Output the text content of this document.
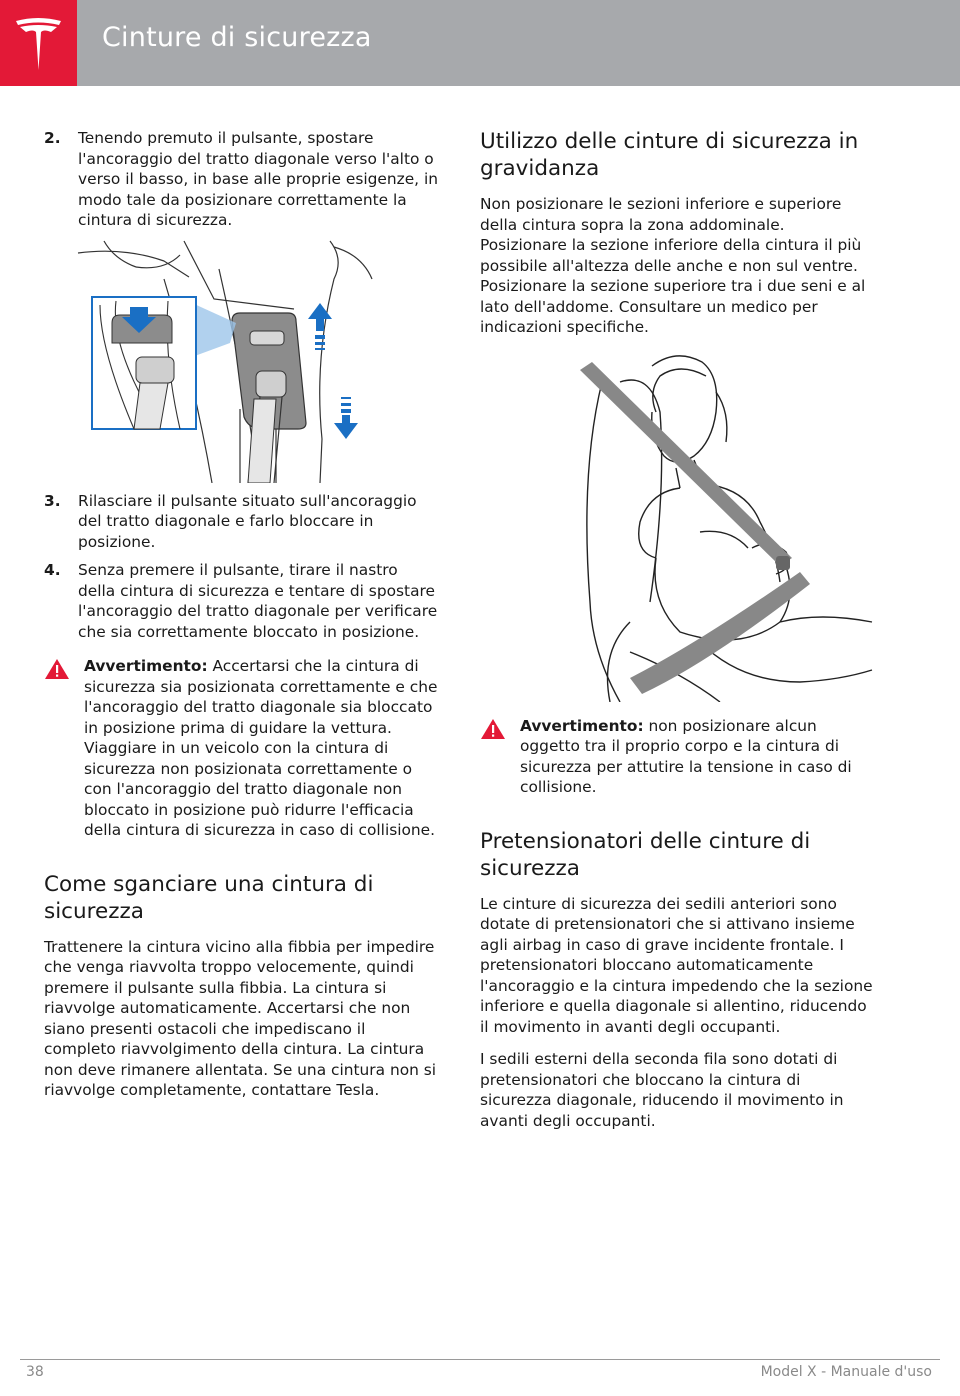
Cinture di sicurezza
2.	Tenendo premuto il pulsante, spostare l'ancoraggio del tratto diagonale verso l'alto o verso il basso, in base alle proprie esigenze, in modo tale da posizionare correttamente la cintura di sicurezza.
3.	Rilasciare il pulsante situato sull'ancoraggio del tratto diagonale e farlo bloccare in posizione.
4.	Senza premere il pulsante, tirare il nastro della cintura di sicurezza e tentare di spostare l'ancoraggio del tratto diagonale per verificare che sia correttamente bloccato in posizione.
Avvertimento: Accertarsi che la cintura di sicurezza sia posizionata correttamente e che l'ancoraggio del tratto diagonale sia bloccato in posizione prima di guidare la vettura. Viaggiare in un veicolo con la cintura di sicurezza non posizionata correttamente o con l'ancoraggio del tratto diagonale non bloccato in posizione può ridurre l'efficacia della cintura di sicurezza in caso di collisione.
Come sganciare una cintura di sicurezza

Trattenere la cintura vicino alla fibbia per impedire che venga riavvolta troppo velocemente, quindi premere il pulsante sulla fibbia. La cintura si riavvolge automaticamente. Accertarsi che non siano presenti ostacoli che impediscano il completo riavvolgimento della cintura. La cintura non deve rimanere allentata. Se una cintura non si riavvolge completamente, contattare Tesla.

Utilizzo delle cinture di sicurezza in gravidanza

Non posizionare le sezioni inferiore e superiore della cintura sopra la zona addominale. Posizionare la sezione inferiore della cintura il più possibile all'altezza delle anche e non sul ventre. Posizionare la sezione superiore tra i due seni e al lato dell'addome. Consultare un medico per indicazioni specifiche.

Avvertimento: non posizionare alcun oggetto tra il proprio corpo e la cintura di sicurezza per attutire la tensione in caso di collisione.
Pretensionatori delle cinture di sicurezza

Le cinture di sicurezza dei sedili anteriori sono dotate di pretensionatori che si attivano insieme agli airbag in caso di grave incidente frontale. I pretensionatori bloccano automaticamente l'ancoraggio e la cintura impedendo che la sezione inferiore e quella diagonale si allentino, riducendo il movimento in avanti degli occupanti.

I sedili esterni della seconda fila sono dotati di pretensionatori che bloccano la cintura di sicurezza diagonale, riducendo il movimento in avanti degli occupanti.

38	Model X - Manuale d'uso
